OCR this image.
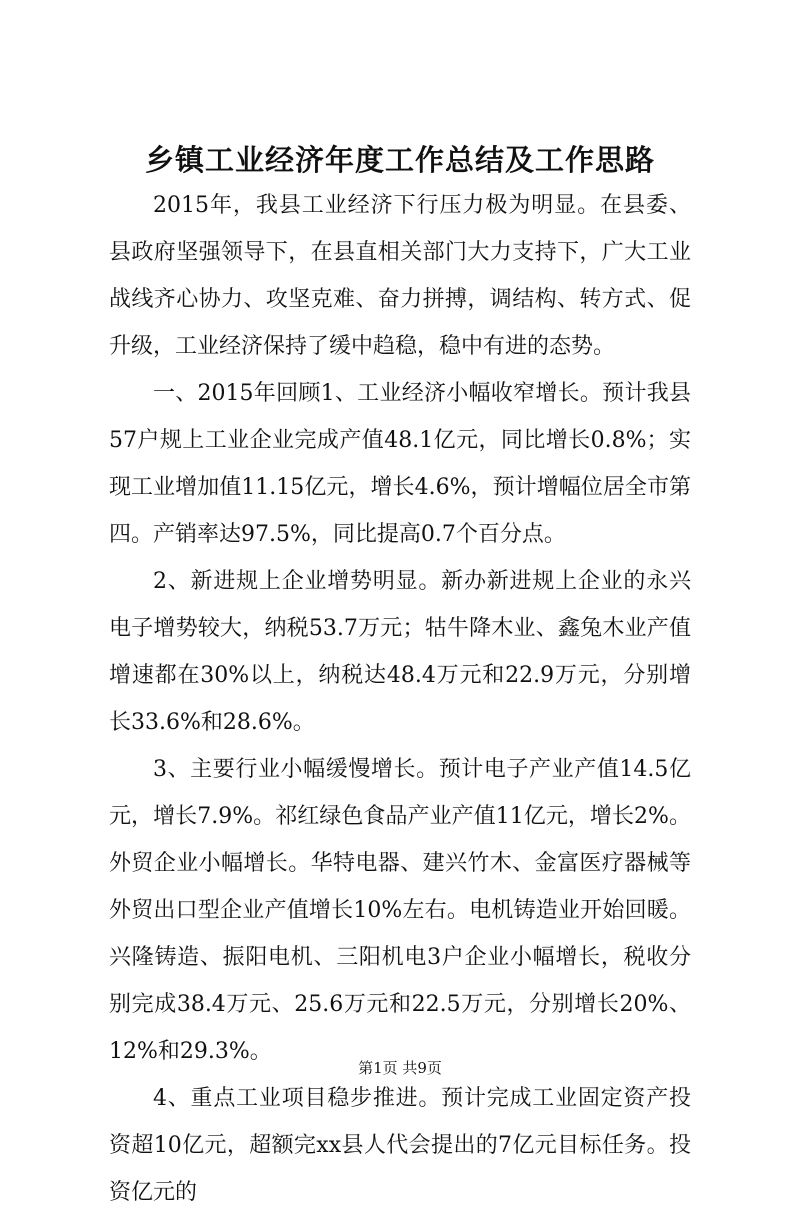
乡镇工业经济年度工作总结及工作思路

2015年，我县工业经济下行压力极为明显。在县委、县政府坚强领导下，在县直相关部门大力支持下，广大工业战线齐心协力、攻坚克难、奋力拼搏，调结构、转方式、促升级，工业经济保持了缓中趋稳，稳中有进的态势。

一、2015年回顾1、工业经济小幅收窄增长。预计我县57户规上工业企业完成产值48.1亿元，同比增长0.8%；实现工业增加值11.15亿元，增长4.6%，预计增幅位居全市第四。产销率达97.5%，同比提高0.7个百分点。

2、新进规上企业增势明显。新办新进规上企业的永兴电子增势较大，纳税53.7万元；牯牛降木业、鑫兔木业产值增速都在30%以上，纳税达48.4万元和22.9万元，分别增长33.6%和28.6%。

3、主要行业小幅缓慢增长。预计电子产业产值14.5亿元，增长7.9%。祁红绿色食品产业产值11亿元，增长2%。外贸企业小幅增长。华特电器、建兴竹木、金富医疗器械等外贸出口型企业产值增长10%左右。电机铸造业开始回暖。兴隆铸造、振阳电机、三阳机电3户企业小幅增长，税收分别完成38.4万元、25.6万元和22.5万元，分别增长20%、12%和29.3%。

4、重点工业项目稳步推进。预计完成工业固定资产投资超10亿元，超额完xx县人代会提出的7亿元目标任务。投资亿元的

第1页 共9页
